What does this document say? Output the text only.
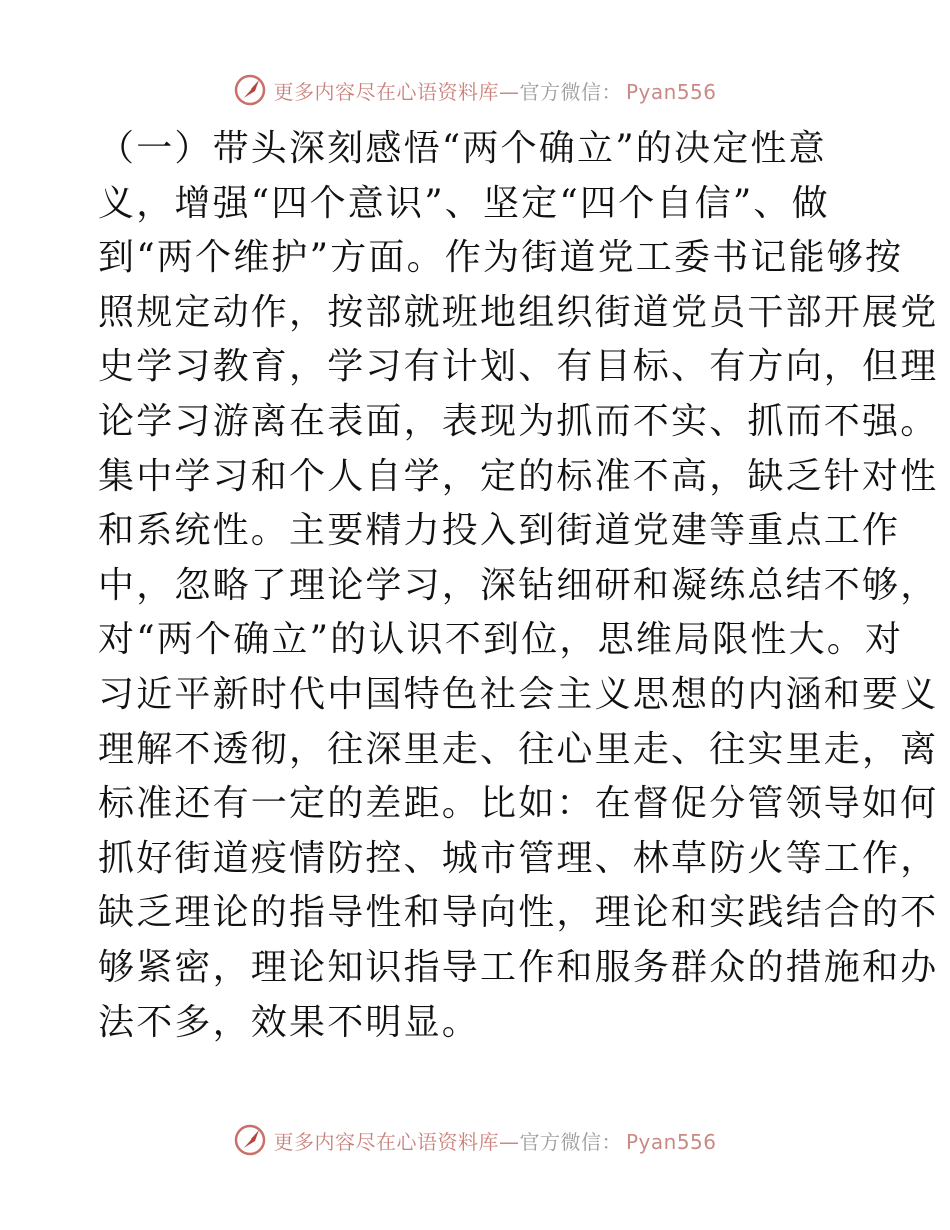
更多内容尽在心语资料库—官方微信： Pyan556
（一）带头深刻感悟“两个确立”的决定性意
义，增强“四个意识”、坚定“四个自信”、做
到“两个维护”方面。作为街道党工委书记能够按
照规定动作，按部就班地组织街道党员干部开展党
史学习教育，学习有计划、有目标、有方向，但理
论学习游离在表面，表现为抓而不实、抓而不强。
集中学习和个人自学，定的标准不高，缺乏针对性
和系统性。主要精力投入到街道党建等重点工作
中，忽略了理论学习，深钻细研和凝练总结不够，
对“两个确立”的认识不到位，思维局限性大。对
习近平新时代中国特色社会主义思想的内涵和要义
理解不透彻，往深里走、往心里走、往实里走，离
标准还有一定的差距。比如：在督促分管领导如何
抓好街道疫情防控、城市管理、林草防火等工作，
缺乏理论的指导性和导向性，理论和实践结合的不
够紧密，理论知识指导工作和服务群众的措施和办
法不多，效果不明显。
更多内容尽在心语资料库—官方微信： Pyan556
